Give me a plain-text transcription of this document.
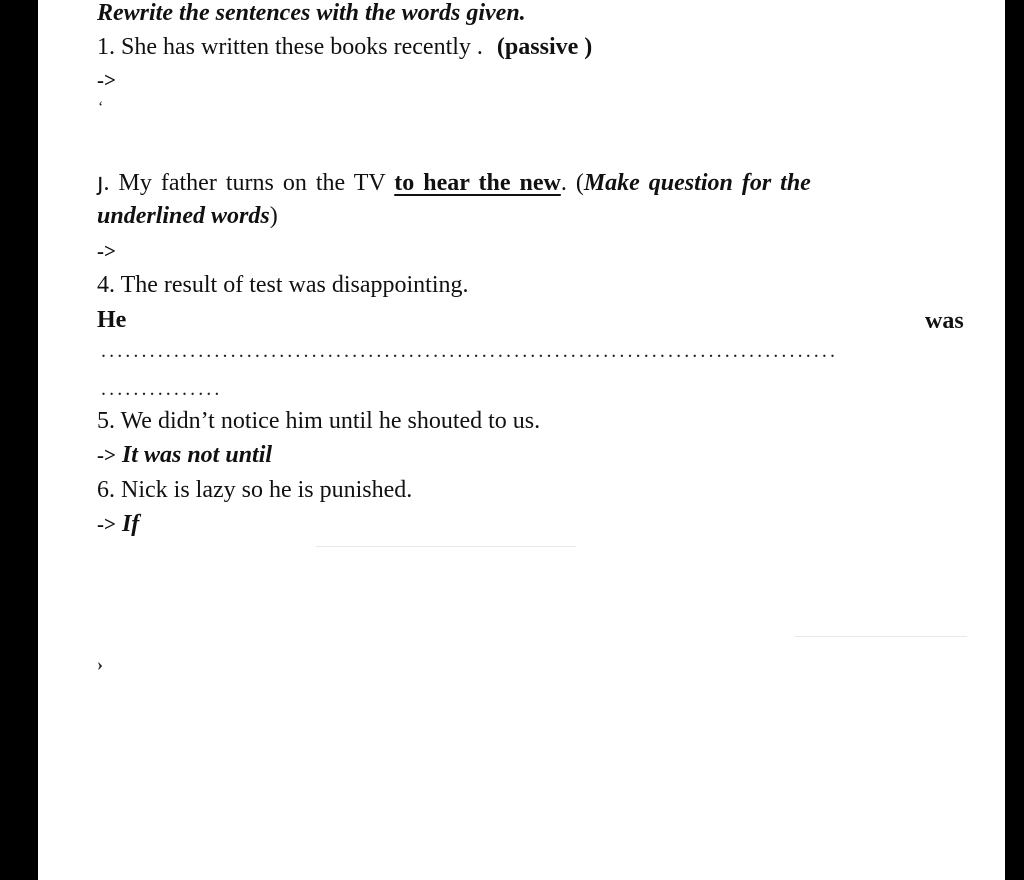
Rewrite the sentences with the words given.
1. She has written these books recently . (passive )
->
‘
յ. My father turns on the TV to hear the new. (Make question for the
underlined words)
->
4. The result of test was disappointing.
He	was
...........................................................................................
...............
5. We didn’t notice him until he shouted to us.
-> It was not until
6. Nick is lazy so he is punished.
-> If
›
